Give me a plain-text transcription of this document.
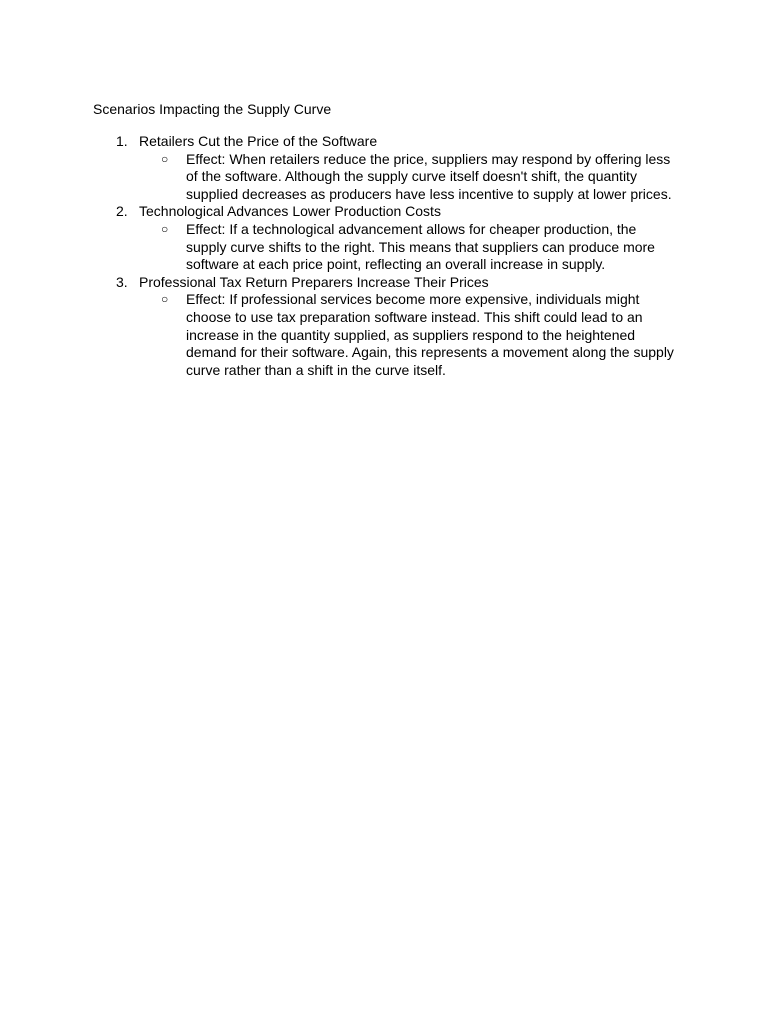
Scenarios Impacting the Supply Curve
1. Retailers Cut the Price of the Software
○ Effect: When retailers reduce the price, suppliers may respond by offering less of the software. Although the supply curve itself doesn't shift, the quantity supplied decreases as producers have less incentive to supply at lower prices.
2. Technological Advances Lower Production Costs
○ Effect: If a technological advancement allows for cheaper production, the supply curve shifts to the right. This means that suppliers can produce more software at each price point, reflecting an overall increase in supply.
3. Professional Tax Return Preparers Increase Their Prices
○ Effect: If professional services become more expensive, individuals might choose to use tax preparation software instead. This shift could lead to an increase in the quantity supplied, as suppliers respond to the heightened demand for their software. Again, this represents a movement along the supply curve rather than a shift in the curve itself.
